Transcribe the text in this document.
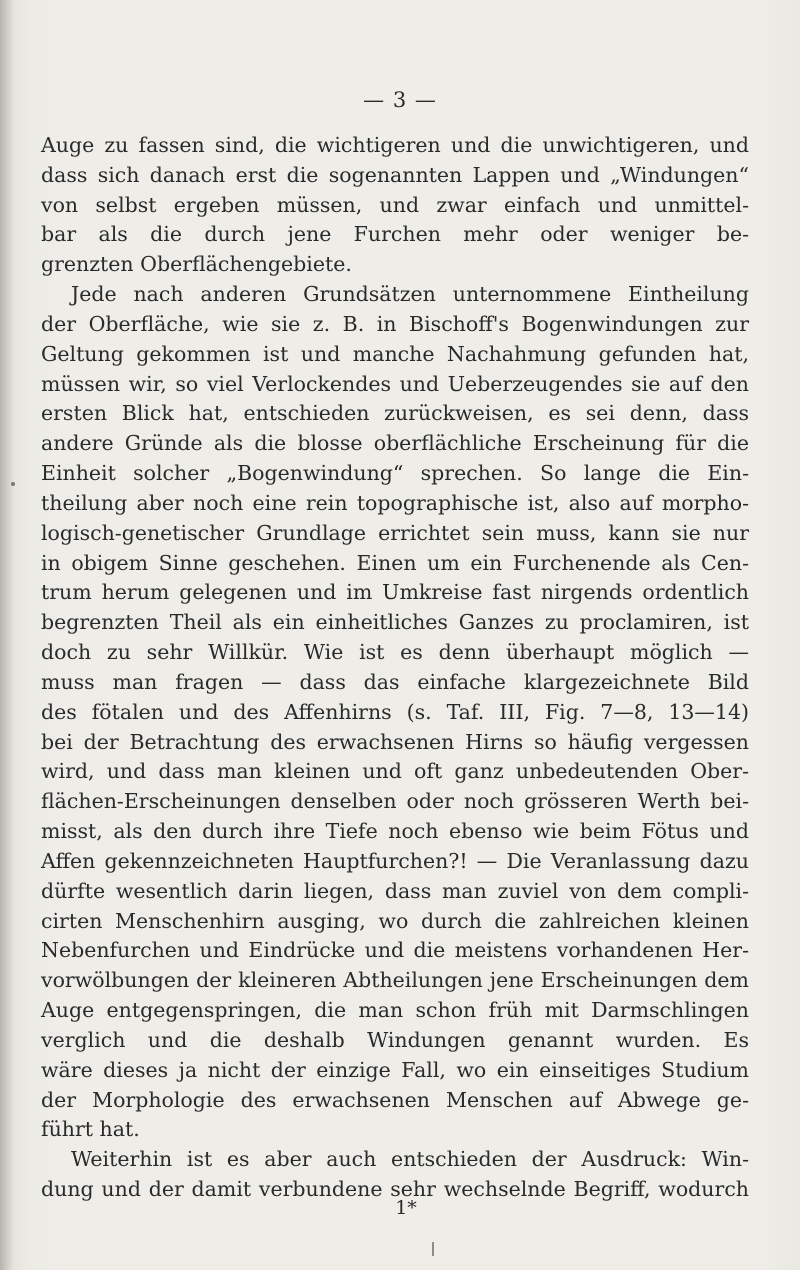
— 3 —
Auge zu fassen sind, die wichtigeren und die unwichtigeren, und
dass sich danach erst die sogenannten Lappen und „Windungen“
von selbst ergeben müssen, und zwar einfach und unmittel-
bar als die durch jene Furchen mehr oder weniger be-
grenzten Oberflächengebiete.
Jede nach anderen Grundsätzen unternommene Eintheilung
der Oberfläche, wie sie z. B. in Bischoff's Bogenwindungen zur
Geltung gekommen ist und manche Nachahmung gefunden hat,
müssen wir, so viel Verlockendes und Ueberzeugendes sie auf den
ersten Blick hat, entschieden zurückweisen, es sei denn, dass
andere Gründe als die blosse oberflächliche Erscheinung für die
Einheit solcher „Bogenwindung“ sprechen. So lange die Ein-
theilung aber noch eine rein topographische ist, also auf morpho-
logisch-genetischer Grundlage errichtet sein muss, kann sie nur
in obigem Sinne geschehen. Einen um ein Furchenende als Cen-
trum herum gelegenen und im Umkreise fast nirgends ordentlich
begrenzten Theil als ein einheitliches Ganzes zu proclamiren, ist
doch zu sehr Willkür. Wie ist es denn überhaupt möglich —
muss man fragen — dass das einfache klargezeichnete Bild
des fötalen und des Affenhirns (s. Taf. III, Fig. 7—8, 13—14)
bei der Betrachtung des erwachsenen Hirns so häufig vergessen
wird, und dass man kleinen und oft ganz unbedeutenden Ober-
flächen-Erscheinungen denselben oder noch grösseren Werth bei-
misst, als den durch ihre Tiefe noch ebenso wie beim Fötus und
Affen gekennzeichneten Hauptfurchen?! — Die Veranlassung dazu
dürfte wesentlich darin liegen, dass man zuviel von dem compli-
cirten Menschenhirn ausging, wo durch die zahlreichen kleinen
Nebenfurchen und Eindrücke und die meistens vorhandenen Her-
vorwölbungen der kleineren Abtheilungen jene Erscheinungen dem
Auge entgegenspringen, die man schon früh mit Darmschlingen
verglich und die deshalb Windungen genannt wurden. Es
wäre dieses ja nicht der einzige Fall, wo ein einseitiges Studium
der Morphologie des erwachsenen Menschen auf Abwege ge-
führt hat.
Weiterhin ist es aber auch entschieden der Ausdruck: Win-
dung und der damit verbundene sehr wechselnde Begriff, wodurch
1*
